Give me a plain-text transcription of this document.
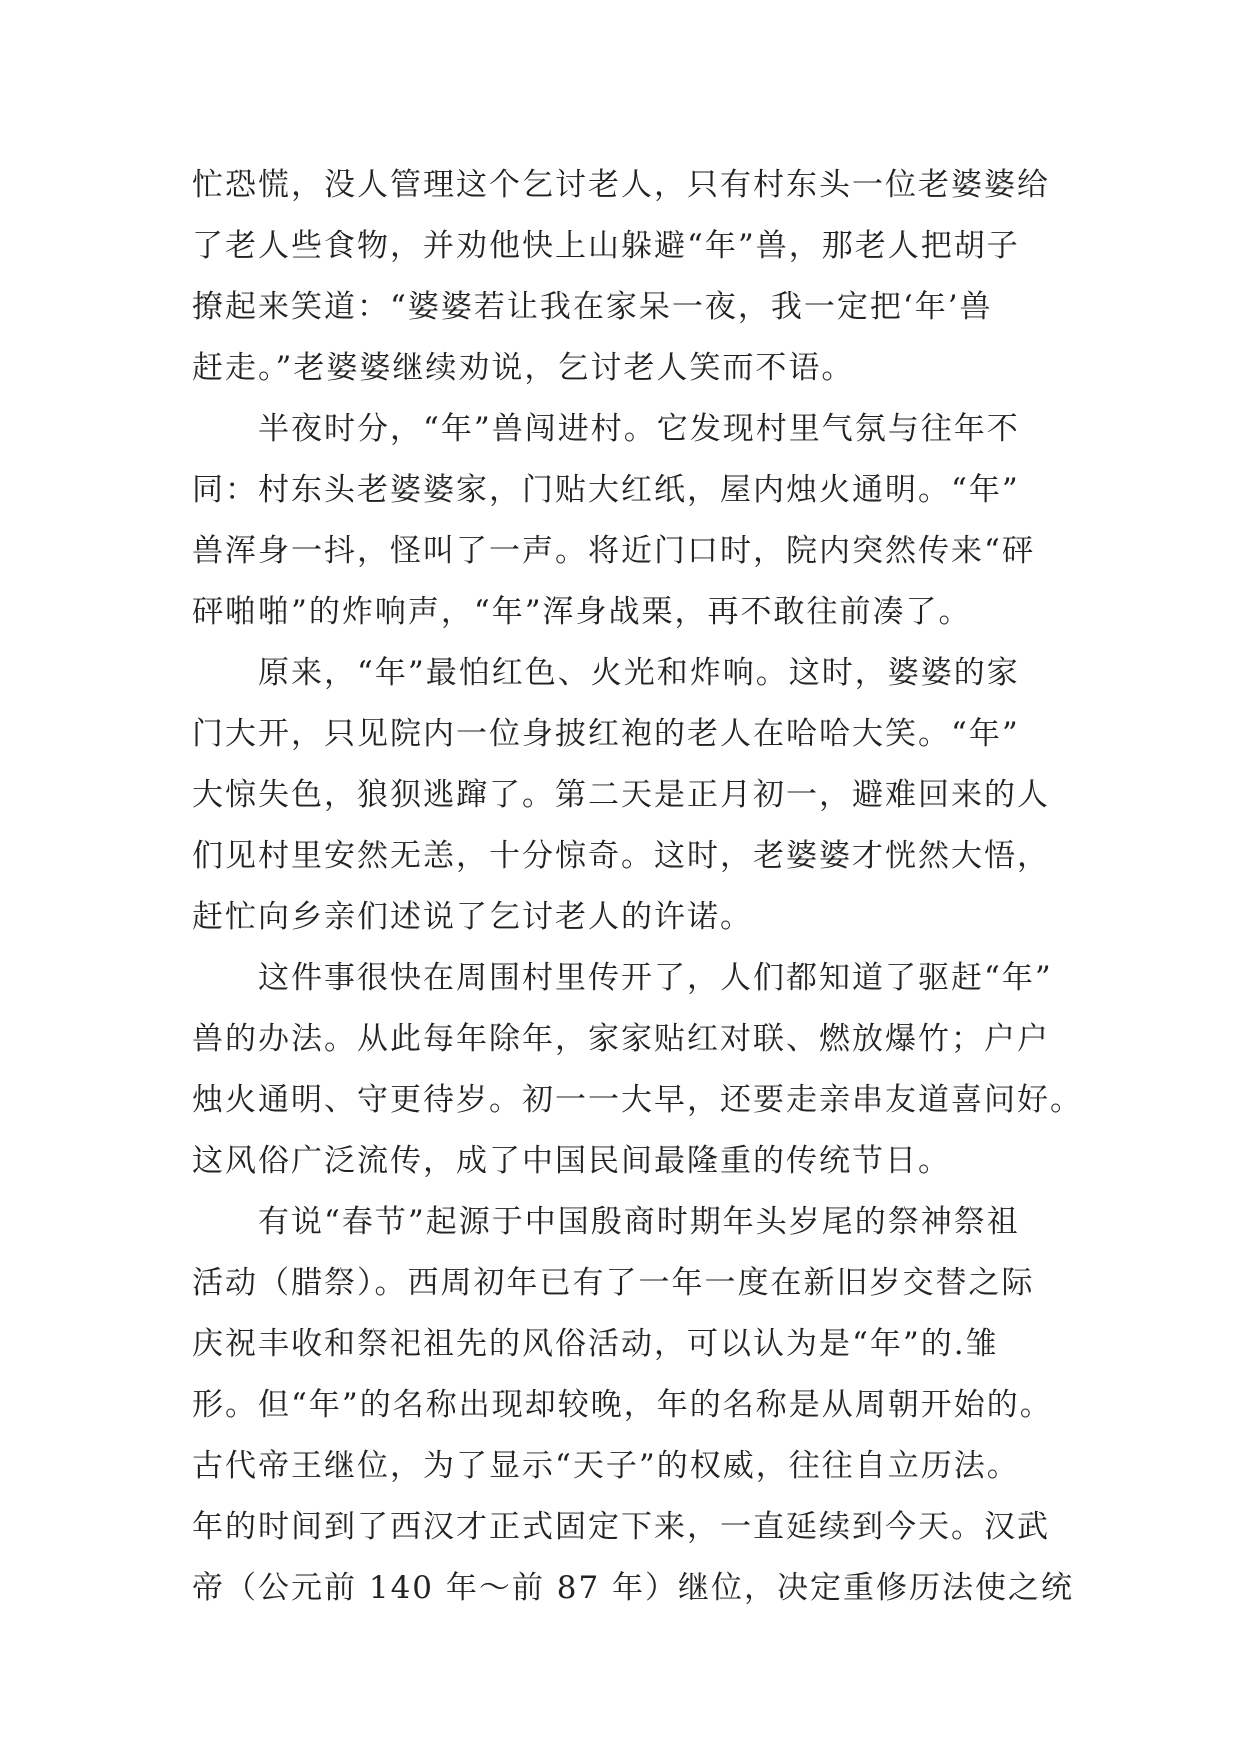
忙恐慌，没人管理这个乞讨老人，只有村东头一位老婆婆给
了老人些食物，并劝他快上山躲避“年”兽，那老人把胡子
撩起来笑道：“婆婆若让我在家呆一夜，我一定把‘年’兽
赶走。”老婆婆继续劝说，乞讨老人笑而不语。
半夜时分，“年”兽闯进村。它发现村里气氛与往年不
同：村东头老婆婆家，门贴大红纸，屋内烛火通明。“年”
兽浑身一抖，怪叫了一声。将近门口时，院内突然传来“砰
砰啪啪”的炸响声，“年”浑身战栗，再不敢往前凑了。
原来，“年”最怕红色、火光和炸响。这时，婆婆的家
门大开，只见院内一位身披红袍的老人在哈哈大笑。“年”
大惊失色，狼狈逃蹿了。第二天是正月初一，避难回来的人
们见村里安然无恙，十分惊奇。这时，老婆婆才恍然大悟，
赶忙向乡亲们述说了乞讨老人的许诺。
这件事很快在周围村里传开了，人们都知道了驱赶“年”
兽的办法。从此每年除年，家家贴红对联、燃放爆竹；户户
烛火通明、守更待岁。初一一大早，还要走亲串友道喜问好。
这风俗广泛流传，成了中国民间最隆重的传统节日。
有说“春节”起源于中国殷商时期年头岁尾的祭神祭祖
活动（腊祭）。西周初年已有了一年一度在新旧岁交替之际
庆祝丰收和祭祀祖先的风俗活动，可以认为是“年”的.雏
形。但“年”的名称出现却较晚，年的名称是从周朝开始的。
古代帝王继位，为了显示“天子”的权威，往往自立历法。
年的时间到了西汉才正式固定下来，一直延续到今天。汉武
帝（公元前 140 年～前 87 年）继位，决定重修历法使之统
